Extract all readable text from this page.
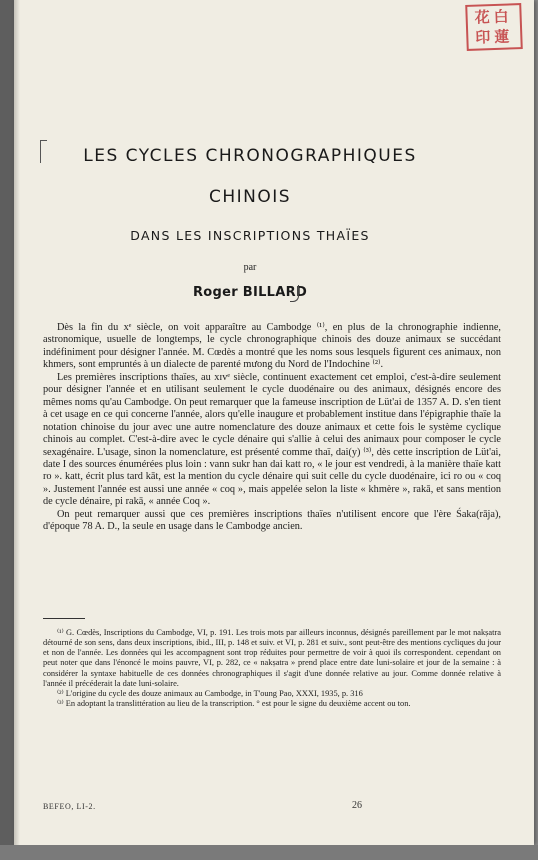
花白
印蓮
LES CYCLES CHRONOGRAPHIQUES
CHINOIS
DANS LES INSCRIPTIONS THAÏES
par
Roger BILLARD

Dès la fin du xᵉ siècle, on voit apparaître au Cambodge ⁽¹⁾, en plus de la chronographie indienne, astronomique, usuelle de longtemps, le cycle chronographique chinois des douze animaux se succédant indéfiniment pour désigner l'année. M. Cœdès a montré que les noms sous lesquels figurent ces animaux, non khmers, sont empruntés à un dialecte de parenté mưong du Nord de l'Indochine ⁽²⁾.

Les premières inscriptions thaïes, au xɪᴠᵉ siècle, continuent exactement cet emploi, c'est-à-dire seulement pour désigner l'année et en utilisant seulement le cycle duodénaire ou des animaux, désignés encore des mêmes noms qu'au Cambodge. On peut remarquer que la fameuse inscription de Lüt'ai de 1357 A. D. s'en tient à cet usage en ce qui concerne l'année, alors qu'elle inaugure et probablement institue dans l'épigraphie thaïe la notation chinoise du jour avec une autre nomenclature des douze animaux et cette fois le système cyclique chinois au complet. C'est-à-dire avec le cycle dénaire qui s'allie à celui des animaux pour composer le cycle sexagénaire. L'usage, sinon la nomenclature, est présenté comme thaï, dai(y) ⁽³⁾, dès cette inscription de Lüt'ai, date I des sources énumérées plus loin : vann sukr han dai katt ro, « le jour est vendredi, à la manière thaïe katt ro ». katt, écrit plus tard kāt, est la mention du cycle dénaire qui suit celle du cycle duodénaire, ici ro ou « coq ». Justement l'année est aussi une année « coq », mais appelée selon la liste « khmère », rakā, et sans mention de cycle dénaire, pi rakā, « année Coq ».

On peut remarquer aussi que ces premières inscriptions thaïes n'utilisent encore que l'ère Śaka(rāja), d'époque 78 A. D., la seule en usage dans le Cambodge ancien.

⁽¹⁾ G. Cœdès, Inscriptions du Cambodge, VI, p. 191. Les trois mots par ailleurs inconnus, désignés pareillement par le mot nakṣatra détourné de son sens, dans deux inscriptions, ibid., III, p. 148 et suiv. et VI, p. 281 et suiv., sont peut-être des mentions cycliques du jour et non de l'année. Les données qui les accompagnent sont trop réduites pour permettre de voir à quoi ils correspondent. cependant on peut noter que dans l'énoncé le moins pauvre, VI, p. 282, ce « nakṣatra » prend place entre date luni-solaire et jour de la semaine : à considérer la syntaxe habituelle de ces données chronographiques il s'agit d'une donnée relative au jour. Comme donnée relative à l'année il précéderait la date luni-solaire.

⁽²⁾ L'origine du cycle des douze animaux au Cambodge, in T'oung Pao, XXXI, 1935, p. 316

⁽³⁾ En adoptant la translittération au lieu de la transcription. ° est pour le signe du deuxième accent ou ton.

BEFEO, LI-2.	26
